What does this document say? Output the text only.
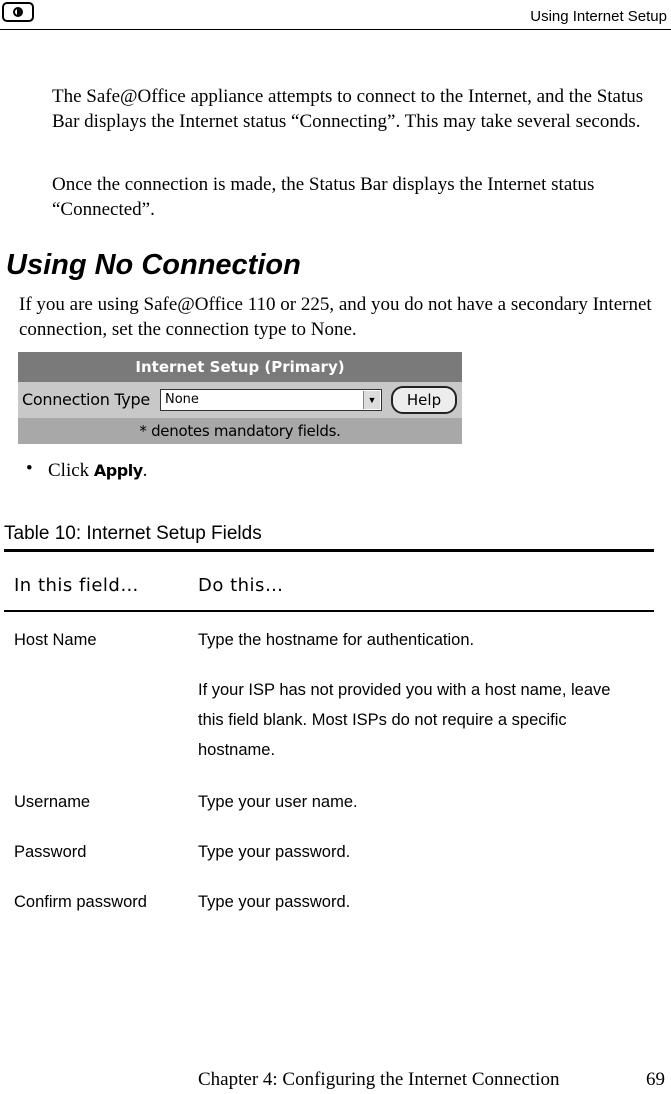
Using Internet Setup

The Safe@Office appliance attempts to connect to the Internet, and the Status Bar displays the Internet status “Connecting”. This may take several seconds.

Once the connection is made, the Status Bar displays the Internet status “Connected”.

Using No Connection

If you are using Safe@Office 110 or 225, and you do not have a secondary Internet connection, set the connection type to None.

Internet Setup (Primary)
Connection Type None	▼	Help
* denotes mandatory fields.
• Click Apply.
Table 10: Internet Setup Fields
In this field…	Do this…
Host Name	Type the hostname for authentication.
If your ISP has not provided you with a host name, leave this field blank. Most ISPs do not require a specific hostname.
Username	Type your user name.
Password	Type your password.
Confirm password	Type your password.
Chapter 4: Configuring the Internet Connection	69
